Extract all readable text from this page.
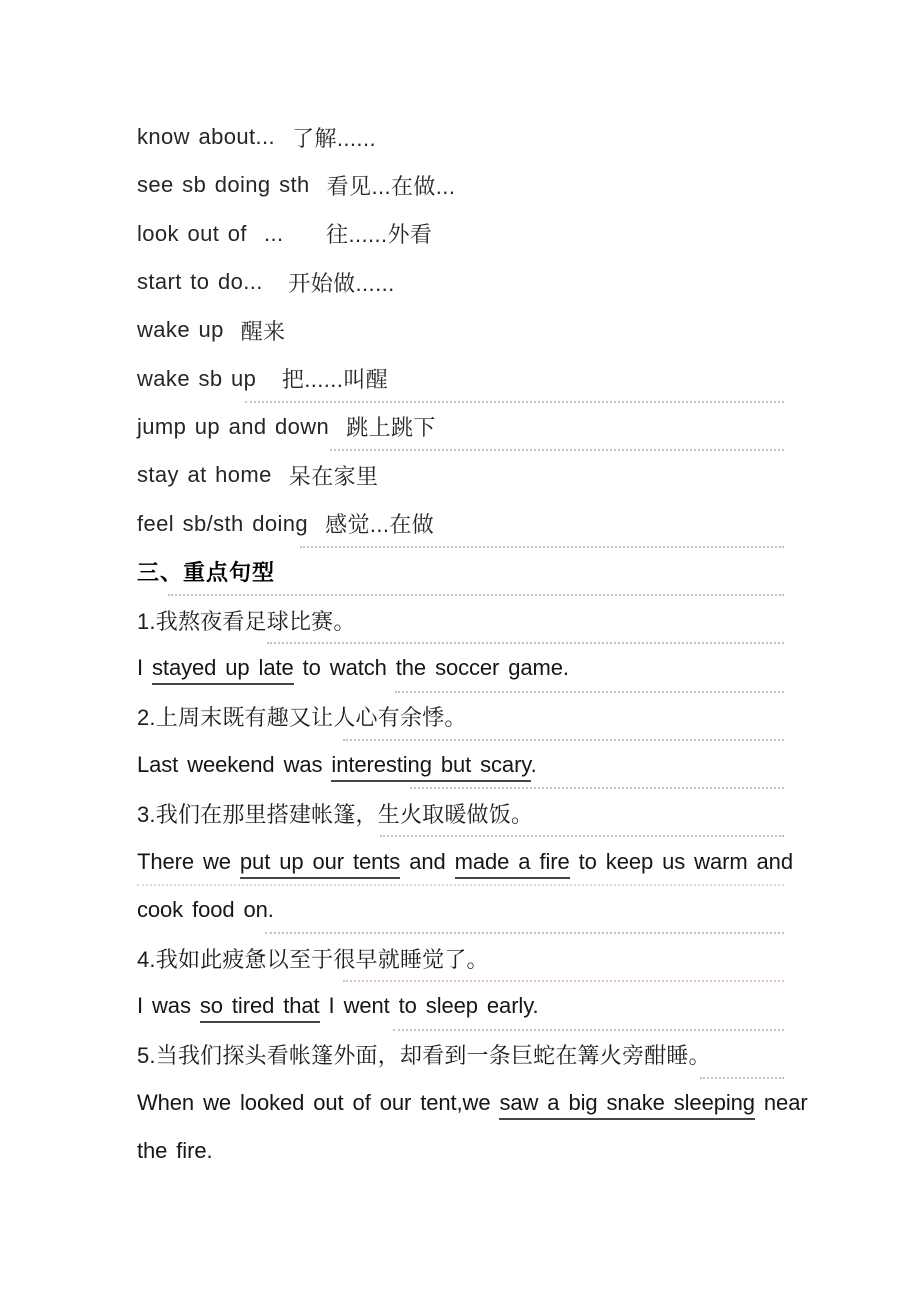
know about...
了解......
see sb doing sth
看见...在做...
look out of  ...
往......外看
start to do...
开始做......
wake up
醒来
wake sb up
把......叫醒
jump up and down
跳上跳下
stay at home
呆在家里
feel sb/sth doing
感觉...在做
三、重点句型
1.我熬夜看足球比赛。
I stayed up late to watch the soccer game.
2.上周末既有趣又让人心有余悸。
Last weekend was interesting but scary.
3.我们在那里搭建帐篷，生火取暖做饭。
There we put up our tents and made a fire to keep us warm and
cook food on.
4.我如此疲惫以至于很早就睡觉了。
I was so tired that I went to sleep early.
5.当我们探头看帐篷外面，却看到一条巨蛇在篝火旁酣睡。
When we looked out of our tent,we saw a big snake sleeping near
the fire.
